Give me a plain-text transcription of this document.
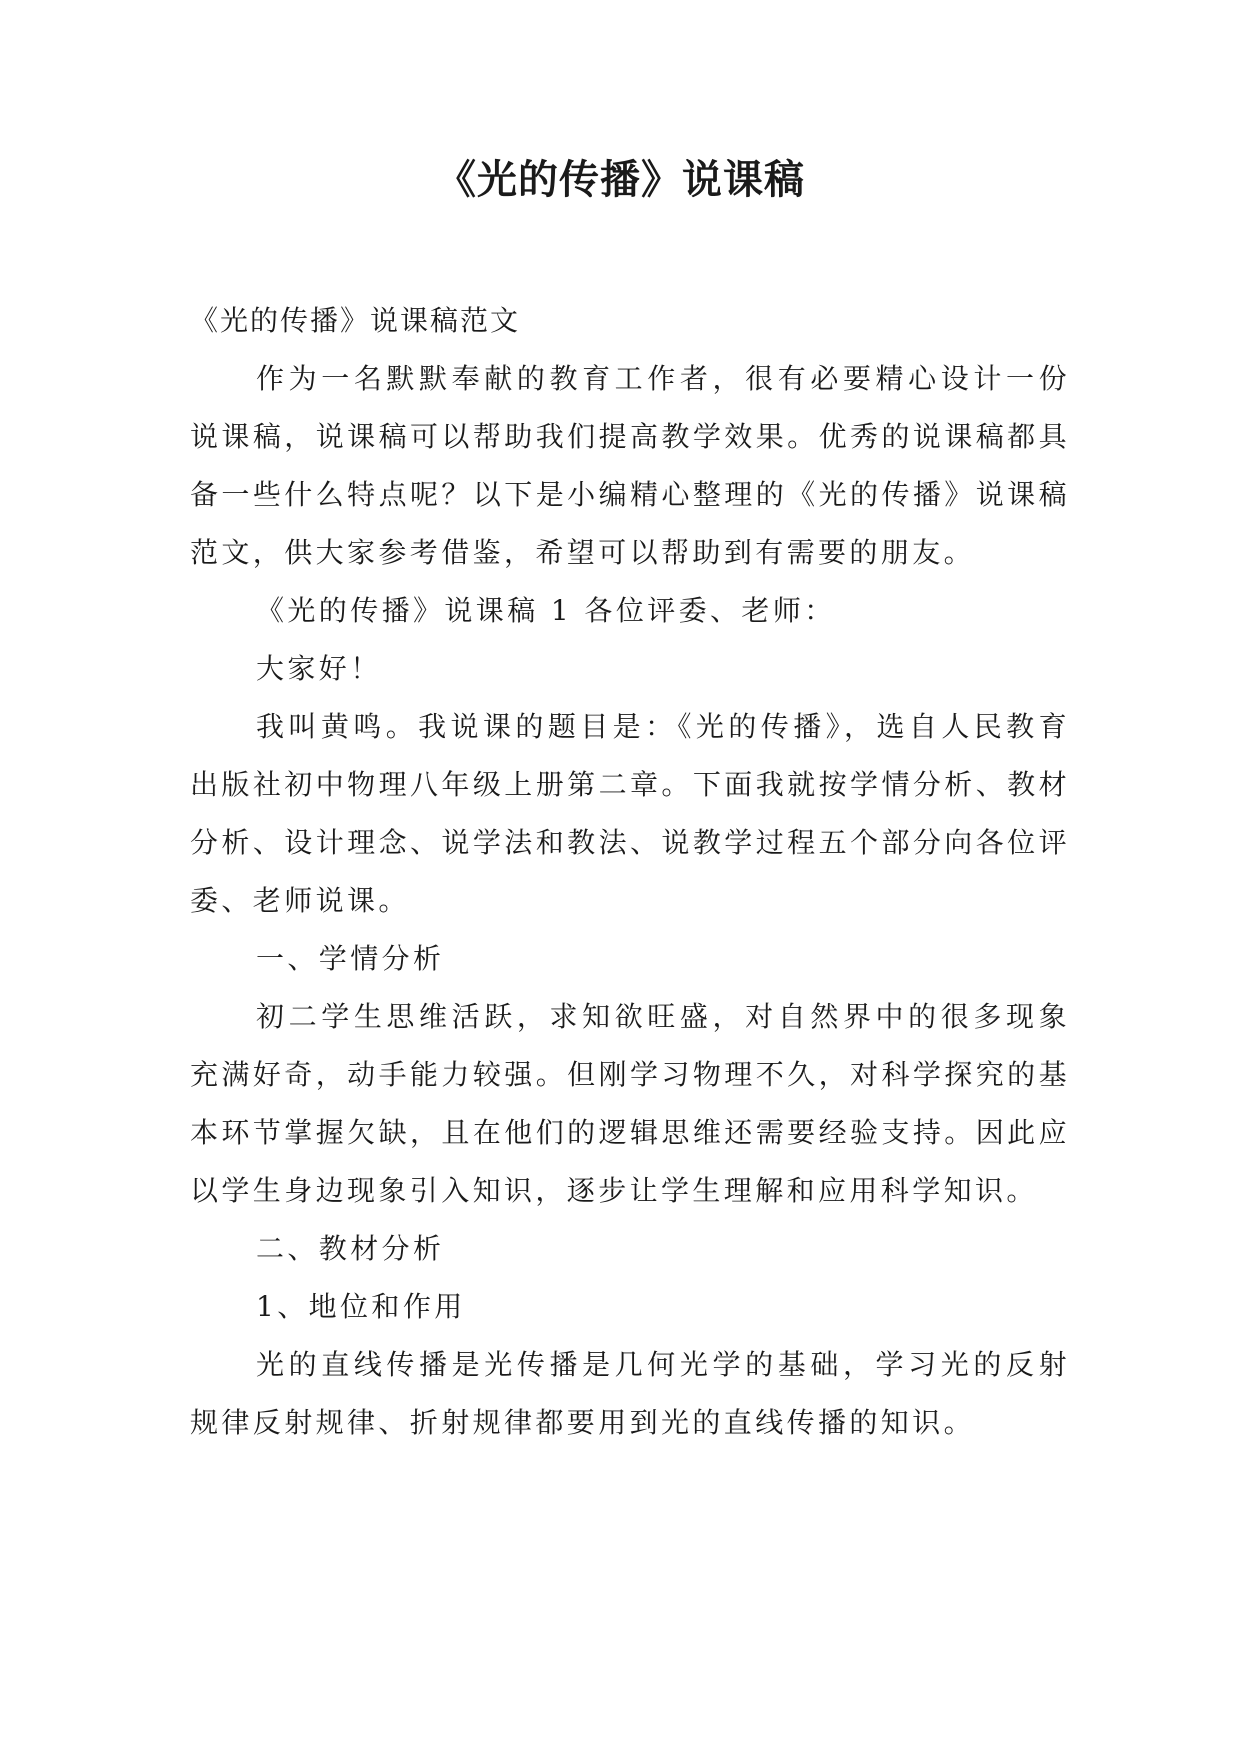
《光的传播》说课稿

《光的传播》说课稿范文

作为一名默默奉献的教育工作者，很有必要精心设计一份说课稿，说课稿可以帮助我们提高教学效果。优秀的说课稿都具备一些什么特点呢？以下是小编精心整理的《光的传播》说课稿范文，供大家参考借鉴，希望可以帮助到有需要的朋友。

《光的传播》说课稿 1 各位评委、老师：

大家好！

我叫黄鸣。我说课的题目是：《光的传播》，选自人民教育出版社初中物理八年级上册第二章。下面我就按学情分析、教材分析、设计理念、说学法和教法、说教学过程五个部分向各位评委、老师说课。

一、学情分析

初二学生思维活跃，求知欲旺盛，对自然界中的很多现象充满好奇，动手能力较强。但刚学习物理不久，对科学探究的基本环节掌握欠缺，且在他们的逻辑思维还需要经验支持。因此应以学生身边现象引入知识，逐步让学生理解和应用科学知识。

二、教材分析

1、地位和作用

光的直线传播是光传播是几何光学的基础，学习光的反射规律反射规律、折射规律都要用到光的直线传播的知识。
